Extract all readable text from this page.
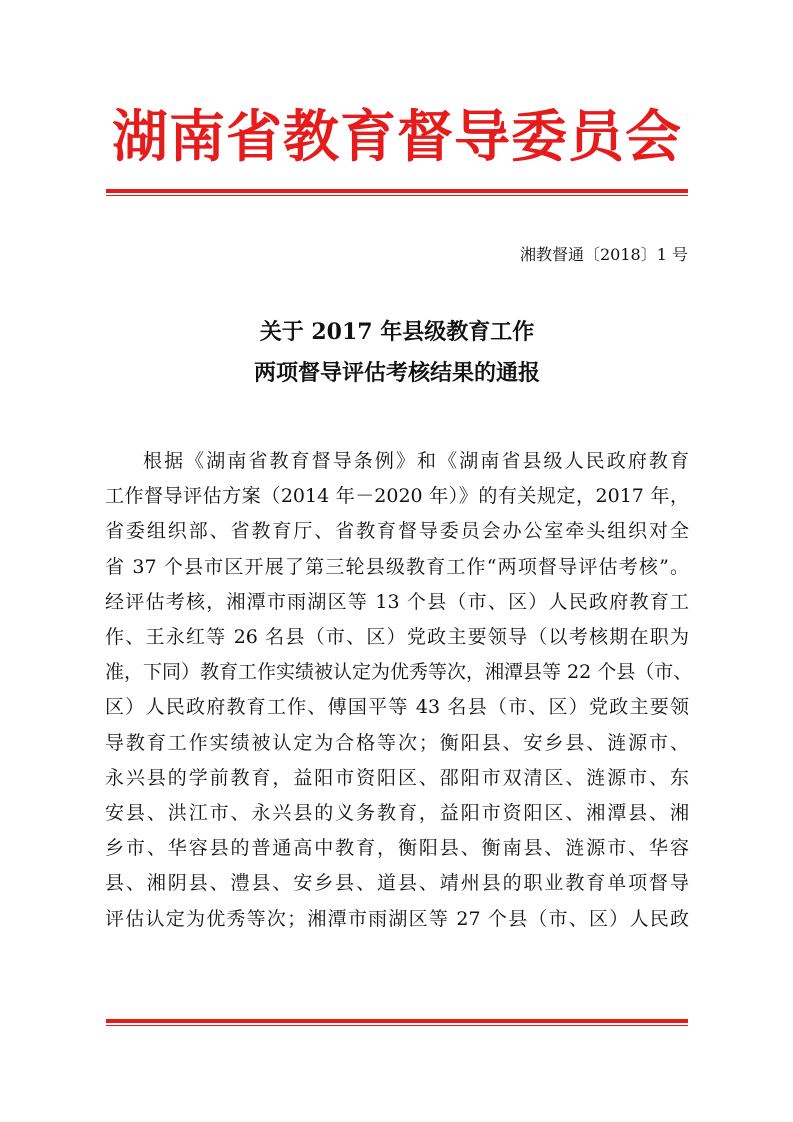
湖南省教育督导委员会
湘教督通〔2018〕1 号
关于 2017 年县级教育工作
两项督导评估考核结果的通报
根据《湖南省教育督导条例》和《湖南省县级人民政府教育
工作督导评估方案（2014 年－2020 年）》的有关规定，2017 年，
省委组织部、省教育厅、省教育督导委员会办公室牵头组织对全
省 37 个县市区开展了第三轮县级教育工作“两项督导评估考核”。
经评估考核，湘潭市雨湖区等 13 个县（市、区）人民政府教育工
作、王永红等 26 名县（市、区）党政主要领导（以考核期在职为
准，下同）教育工作实绩被认定为优秀等次，湘潭县等 22 个县（市、
区）人民政府教育工作、傅国平等 43 名县（市、区）党政主要领
导教育工作实绩被认定为合格等次；衡阳县、安乡县、涟源市、
永兴县的学前教育，益阳市资阳区、邵阳市双清区、涟源市、东
安县、洪江市、永兴县的义务教育，益阳市资阳区、湘潭县、湘
乡市、华容县的普通高中教育，衡阳县、衡南县、涟源市、华容
县、湘阴县、澧县、安乡县、道县、靖州县的职业教育单项督导
评估认定为优秀等次；湘潭市雨湖区等 27 个县（市、区）人民政
